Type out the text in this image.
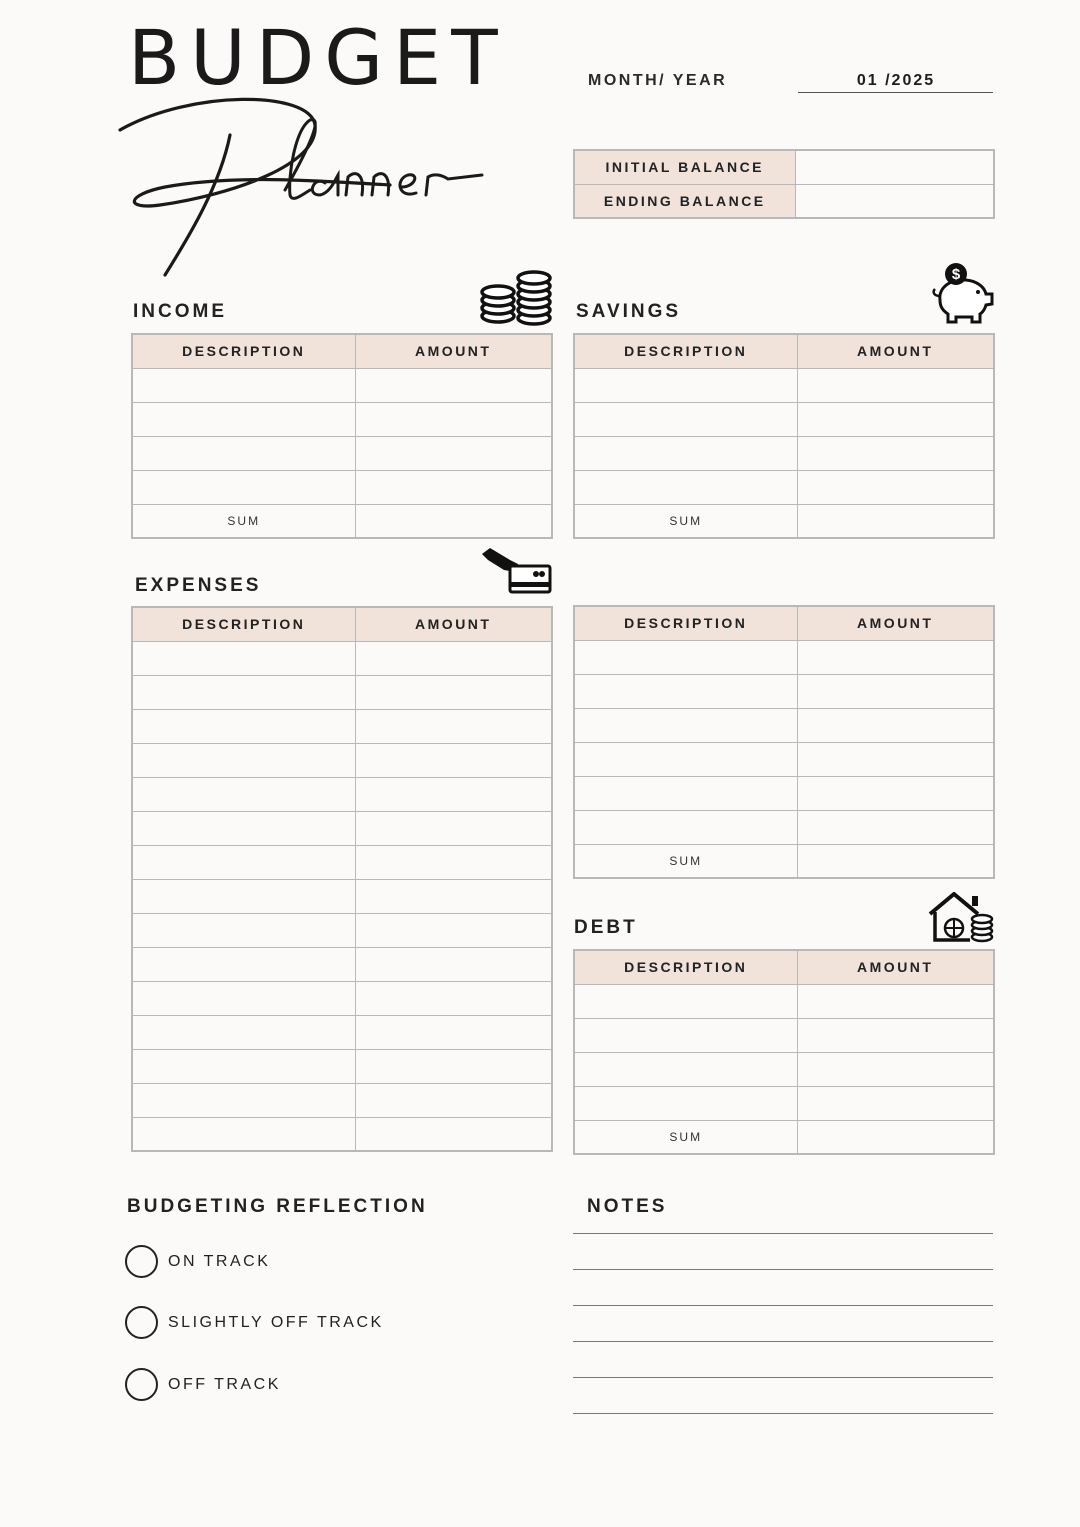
BUDGET	MONTH/ YEAR	01 /2025
INITIAL BALANCE	
ENDING BALANCE	
INCOME
DESCRIPTION	AMOUNT

SUM	
SAVINGS
$
DESCRIPTION	AMOUNT

SUM	
EXPENSES
DESCRIPTION	AMOUNT

		DESCRIPTION	AMOUNT

SUM	
DEBT
DESCRIPTION	AMOUNT

SUM	
BUDGETING REFLECTION
ON TRACK
SLIGHTLY OFF TRACK
OFF TRACK
NOTES
